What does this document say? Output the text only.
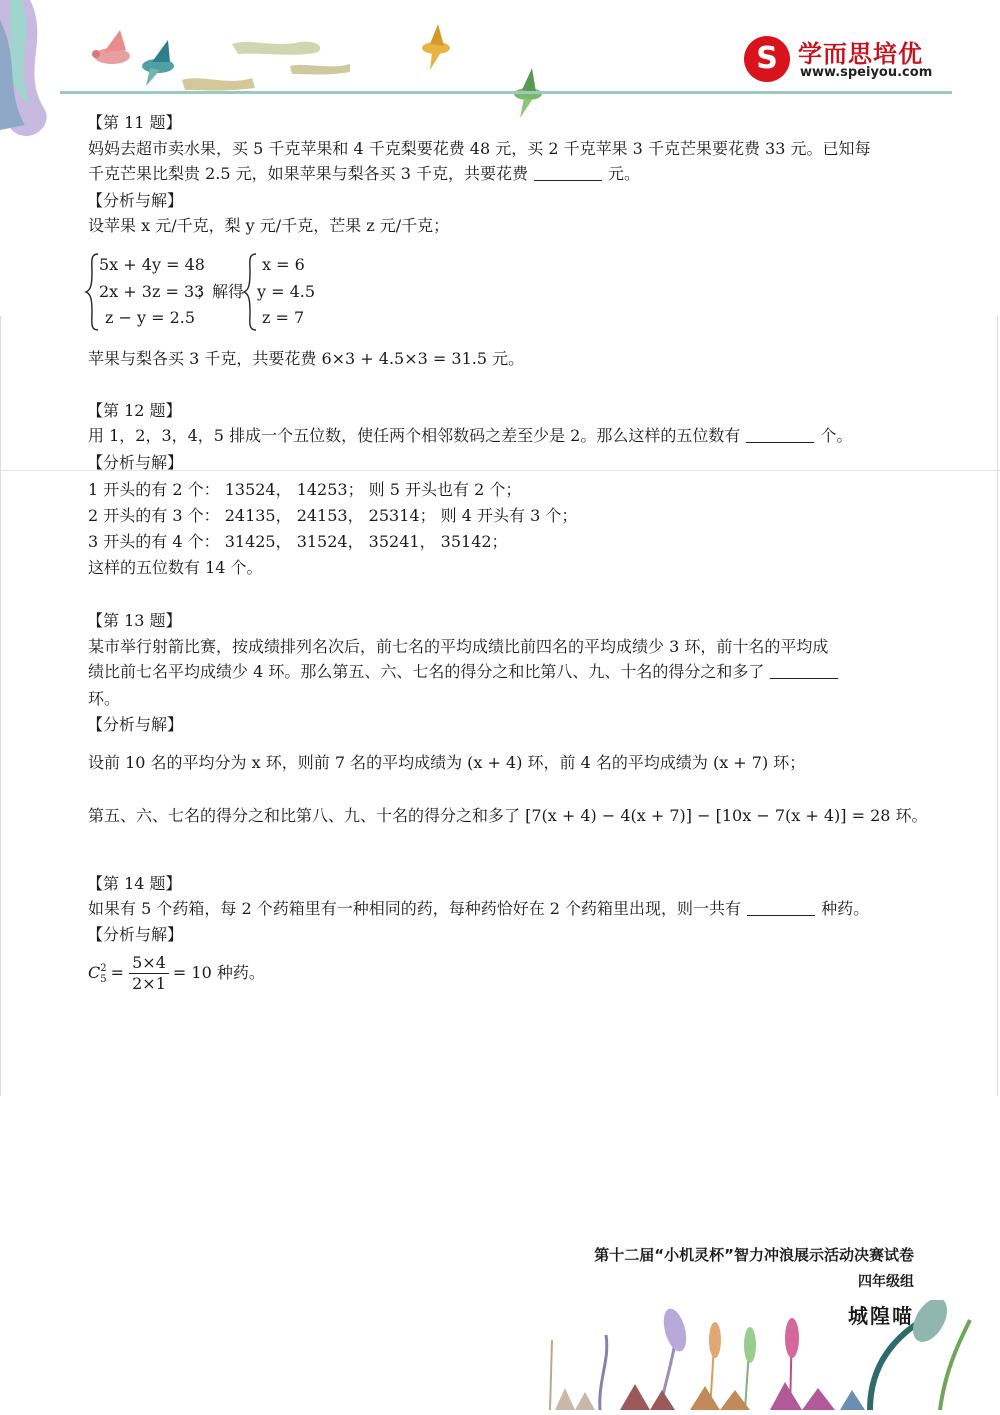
S 学而思培优
www.speiyou.com
【第 11 题】
妈妈去超市卖水果，买 5 千克苹果和 4 千克梨要花费 48 元，买 2 千克苹果 3 千克芒果要花费 33 元。已知每
千克芒果比梨贵 2.5 元，如果苹果与梨各买 3 千克，共要花费	元。
【分析与解】
设苹果 x 元/千克，梨 y 元/千克，芒果 z 元/千克；
5x + 4y = 48
2x + 3z = 33
z − y = 2.5
；解得
x = 6
y = 4.5
z = 7
苹果与梨各买 3 千克，共要花费 6×3 + 4.5×3 = 31.5 元。
【第 12 题】
用 1，2，3，4，5 排成一个五位数，使任两个相邻数码之差至少是 2。那么这样的五位数有	个。
【分析与解】
1 开头的有 2 个： 13524， 14253； 则 5 开头也有 2 个；
2 开头的有 3 个： 24135， 24153， 25314； 则 4 开头有 3 个；
3 开头的有 4 个： 31425， 31524， 35241， 35142；
这样的五位数有 14 个。
【第 13 题】
某市举行射箭比赛，按成绩排列名次后，前七名的平均成绩比前四名的平均成绩少 3 环，前十名的平均成
绩比前七名平均成绩少 4 环。那么第五、六、七名的得分之和比第八、九、十名的得分之和多了
环。
【分析与解】
设前 10 名的平均分为 x 环，则前 7 名的平均成绩为 (x + 4) 环，前 4 名的平均成绩为 (x + 7) 环；
第五、六、七名的得分之和比第八、九、十名的得分之和多了 [7(x + 4) − 4(x + 7)] − [10x − 7(x + 4)] = 28 环。
【第 14 题】
如果有 5 个药箱，每 2 个药箱里有一种相同的药，每种药恰好在 2 个药箱里出现，则一共有	种药。
【分析与解】
C 2
$5 = \frac{5\times 4}{2\times 1} = 10$ 种药。
第十二届“小机灵杯”智力冲浪展示活动决赛试卷
四年级组
城隍喵
